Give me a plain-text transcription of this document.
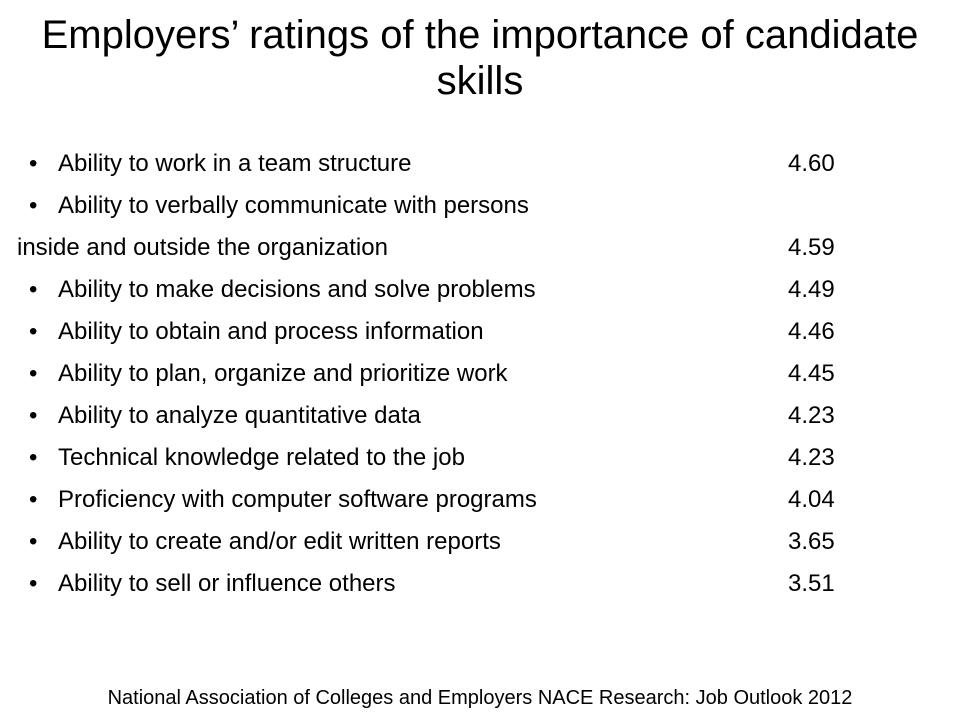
Employers’ ratings of the importance of candidate skills
• Ability to work in a team structure	4.60
• Ability to verbally communicate with persons
inside and outside the organization	4.59
• Ability to make decisions and solve problems	4.49
• Ability to obtain and process information	4.46
• Ability to plan, organize and prioritize work	4.45
• Ability to analyze quantitative data	4.23
• Technical knowledge related to the job	4.23
• Proficiency with computer software programs	4.04
• Ability to create and/or edit written reports	3.65
• Ability to sell or influence others	3.51
National Association of Colleges and Employers NACE Research: Job Outlook 2012
